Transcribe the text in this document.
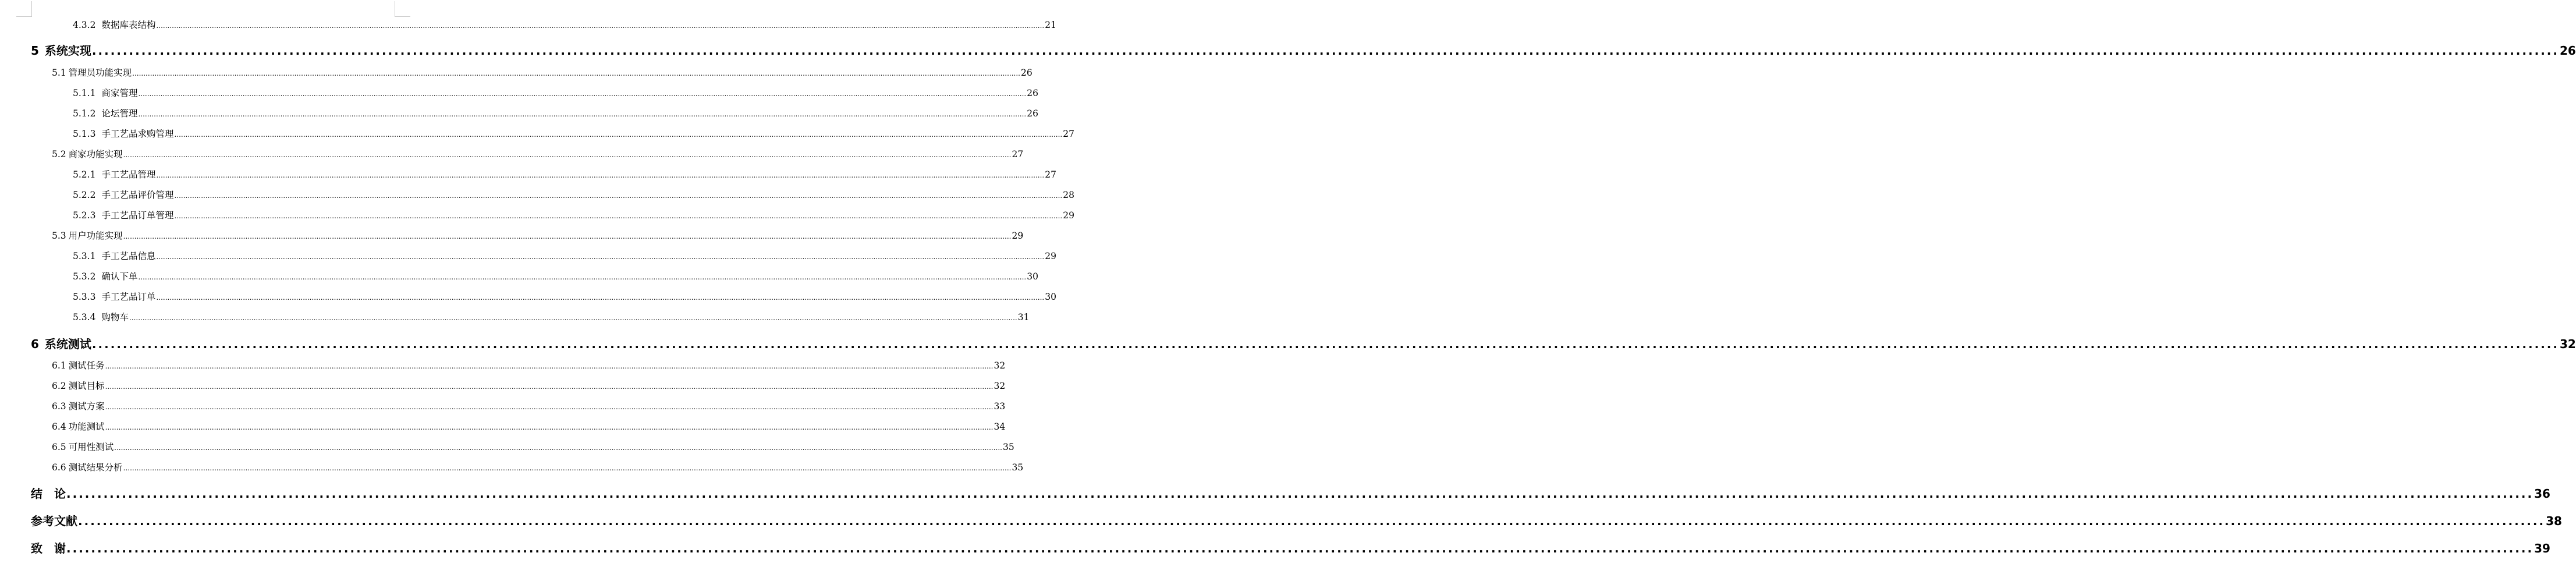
4.3.2 数据库表结构 ................................................................................................................................................................................................................................................................................................................................................................................................................ 21
5 系统实现 ................................................................................................................................................................................................................................................................................................................................................................................................................ 26
5.1 管理员功能实现 ................................................................................................................................................................................................................................................................................................................................................................................................................ 26
5.1.1 商家管理 ................................................................................................................................................................................................................................................................................................................................................................................................................ 26
5.1.2 论坛管理 ................................................................................................................................................................................................................................................................................................................................................................................................................ 26
5.1.3 手工艺品求购管理 ................................................................................................................................................................................................................................................................................................................................................................................................................ 27
5.2 商家功能实现 ................................................................................................................................................................................................................................................................................................................................................................................................................ 27
5.2.1 手工艺品管理 ................................................................................................................................................................................................................................................................................................................................................................................................................ 27
5.2.2 手工艺品评价管理 ................................................................................................................................................................................................................................................................................................................................................................................................................ 28
5.2.3 手工艺品订单管理 ................................................................................................................................................................................................................................................................................................................................................................................................................ 29
5.3 用户功能实现 ................................................................................................................................................................................................................................................................................................................................................................................................................ 29
5.3.1 手工艺品信息 ................................................................................................................................................................................................................................................................................................................................................................................................................ 29
5.3.2 确认下单 ................................................................................................................................................................................................................................................................................................................................................................................................................ 30
5.3.3 手工艺品订单 ................................................................................................................................................................................................................................................................................................................................................................................................................ 30
5.3.4 购物车 ................................................................................................................................................................................................................................................................................................................................................................................................................ 31
6 系统测试 ................................................................................................................................................................................................................................................................................................................................................................................................................ 32
6.1 测试任务 ................................................................................................................................................................................................................................................................................................................................................................................................................ 32
6.2 测试目标 ................................................................................................................................................................................................................................................................................................................................................................................................................ 32
6.3 测试方案 ................................................................................................................................................................................................................................................................................................................................................................................................................ 33
6.4 功能测试 ................................................................................................................................................................................................................................................................................................................................................................................................................ 34
6.5 可用性测试 ................................................................................................................................................................................................................................................................................................................................................................................................................ 35
6.6 测试结果分析 ................................................................................................................................................................................................................................................................................................................................................................................................................ 35
结　论 ................................................................................................................................................................................................................................................................................................................................................................................................................ 36
参考文献 ................................................................................................................................................................................................................................................................................................................................................................................................................ 38
致　谢 ................................................................................................................................................................................................................................................................................................................................................................................................................ 39
